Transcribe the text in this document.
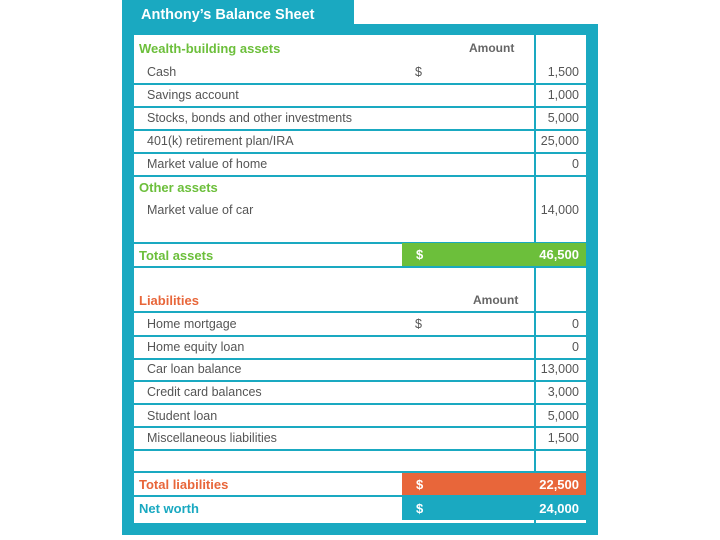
Anthony’s Balance Sheet
Wealth-building assets	Amount
Cash	$	1,500
Savings account	1,000
Stocks, bonds and other investments	5,000
401(k) retirement plan/IRA	25,000
Market value of home	0
Other assets
Market value of car	14,000
Total assets	$	46,500
Liabilities	Amount
Home mortgage	$	0
Home equity loan	0
Car loan balance	13,000
Credit card balances	3,000
Student loan	5,000
Miscellaneous liabilities	1,500
Total liabilities	$	22,500
Net worth	$	24,000
